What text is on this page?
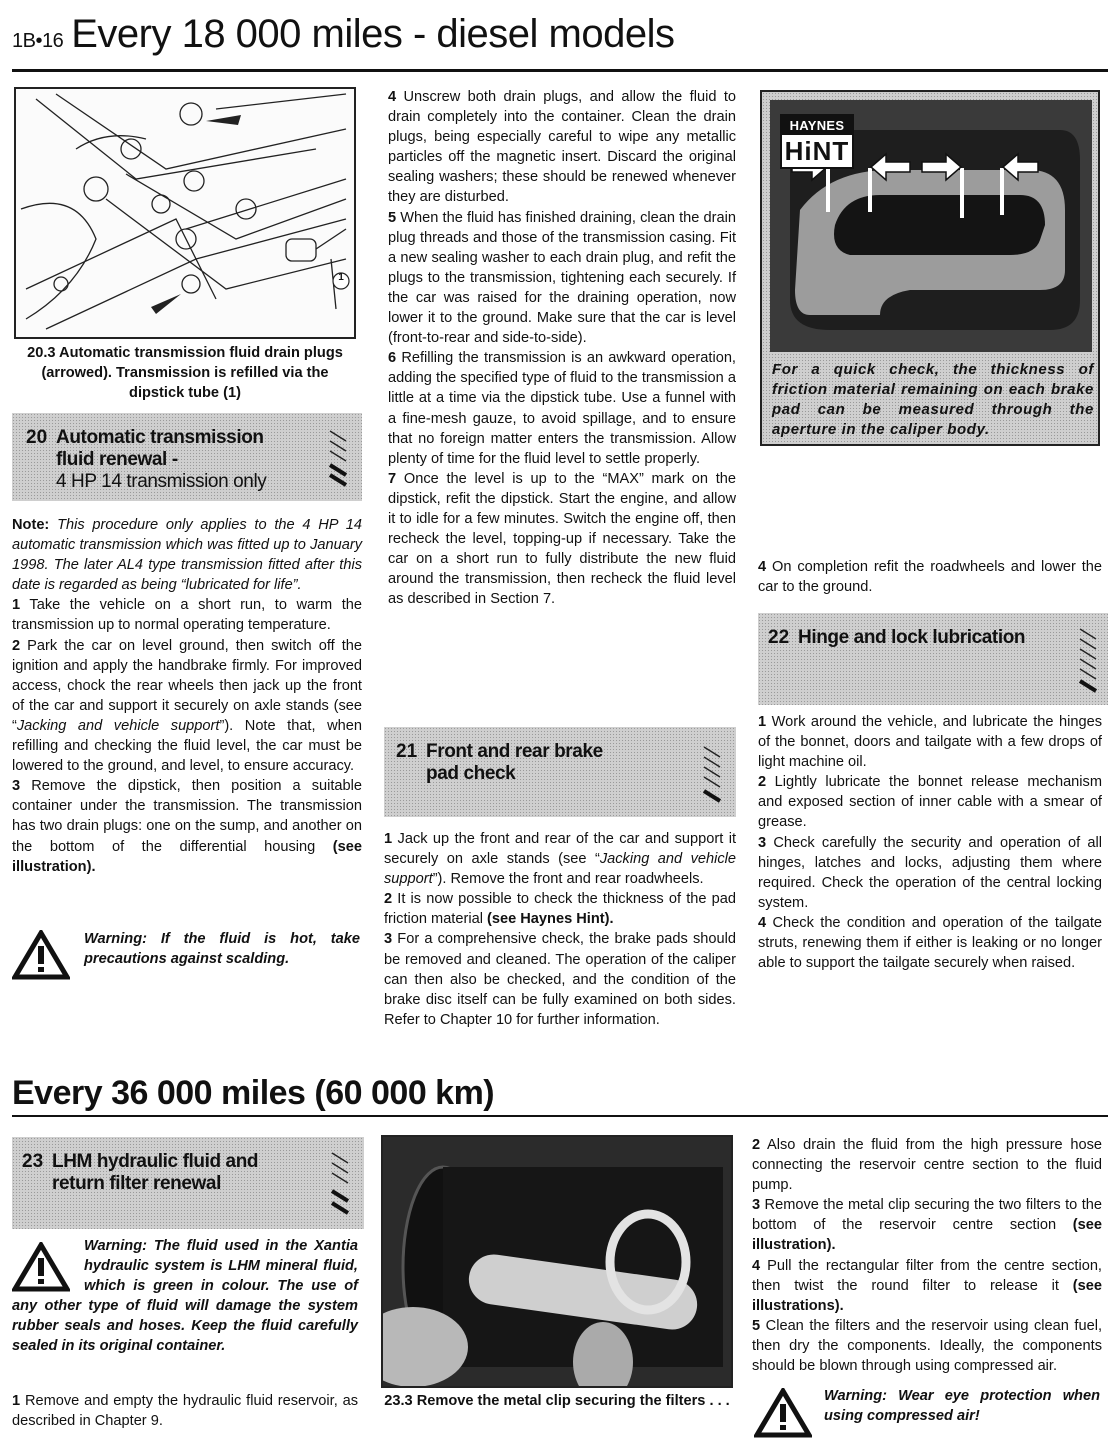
1B•16 Every 18 000 miles - diesel models
1
20.3 Automatic transmission fluid drain plugs (arrowed). Transmission is refilled via the dipstick tube (1)
20 Automatic transmission
fluid renewal -
4 HP 14 transmission only

Note: This procedure only applies to the 4 HP 14 automatic transmission which was fitted up to January 1998. The later AL4 type transmission fitted after this date is regarded as being “lubricated for life”.

1 Take the vehicle on a short run, to warm the transmission up to normal operating temperature.

2 Park the car on level ground, then switch off the ignition and apply the handbrake firmly. For improved access, chock the rear wheels then jack up the front of the car and support it securely on axle stands (see “Jacking and vehicle support”). Note that, when refilling and checking the fluid level, the car must be lowered to the ground, and level, to ensure accuracy.

3 Remove the dipstick, then position a suitable container under the transmission. The transmission has two drain plugs: one on the sump, and another on the bottom of the differential housing (see illustration).

Warning: If the fluid is hot, take precautions against scalding.

4 Unscrew both drain plugs, and allow the fluid to drain completely into the container. Clean the drain plugs, being especially careful to wipe any metallic particles off the magnetic insert. Discard the original sealing washers; these should be renewed whenever they are disturbed.

5 When the fluid has finished draining, clean the drain plug threads and those of the transmission casing. Fit a new sealing washer to each drain plug, and refit the plugs to the transmission, tightening each securely. If the car was raised for the draining operation, now lower it to the ground. Make sure that the car is level (front-to-rear and side-to-side).

6 Refilling the transmission is an awkward operation, adding the specified type of fluid to the transmission a little at a time via the dipstick tube. Use a funnel with a fine-mesh gauze, to avoid spillage, and to ensure that no foreign matter enters the transmission. Allow plenty of time for the fluid level to settle properly.

7 Once the level is up to the “MAX” mark on the dipstick, refit the dipstick. Start the engine, and allow it to idle for a few minutes. Switch the engine off, then recheck the level, topping-up if necessary. Take the car on a short run to fully distribute the new fluid around the transmission, then recheck the fluid level as described in Section 7.

21 Front and rear brake
pad check

1 Jack up the front and rear of the car and support it securely on axle stands (see “Jacking and vehicle support”). Remove the front and rear roadwheels.

2 It is now possible to check the thickness of the pad friction material (see Haynes Hint).

3 For a comprehensive check, the brake pads should be removed and cleaned. The operation of the caliper can then also be checked, and the condition of the brake disc itself can be fully examined on both sides. Refer to Chapter 10 for further information.

HAYNES
HiNT
For a quick check, the thickness of friction material remaining on each brake pad can be measured through the aperture in the caliper body.

4 On completion refit the roadwheels and lower the car to the ground.

22 Hinge and lock lubrication

1 Work around the vehicle, and lubricate the hinges of the bonnet, doors and tailgate with a few drops of light machine oil.

2 Lightly lubricate the bonnet release mechanism and exposed section of inner cable with a smear of grease.

3 Check carefully the security and operation of all hinges, latches and locks, adjusting them where required. Check the operation of the central locking system.

4 Check the condition and operation of the tailgate struts, renewing them if either is leaking or no longer able to support the tailgate securely when raised.

Every 36 000 miles (60 000 km)
23 LHM hydraulic fluid and
return filter renewal
Warning: The fluid used in the Xantia hydraulic system is LHM mineral fluid, which is green in colour. The use of any other type of fluid will damage the system rubber seals and hoses. Keep the fluid carefully sealed in its original container.

1 Remove and empty the hydraulic fluid reservoir, as described in Chapter 9.

23.3 Remove the metal clip securing the filters . . .

2 Also drain the fluid from the high pressure hose connecting the reservoir centre section to the fluid pump.

3 Remove the metal clip securing the two filters to the bottom of the reservoir centre section (see illustration).

4 Pull the rectangular filter from the centre section, then twist the round filter to release it (see illustrations).

5 Clean the filters and the reservoir using clean fuel, then dry the components. Ideally, the components should be blown through using compressed air.

Warning: Wear eye protection when using compressed air!
